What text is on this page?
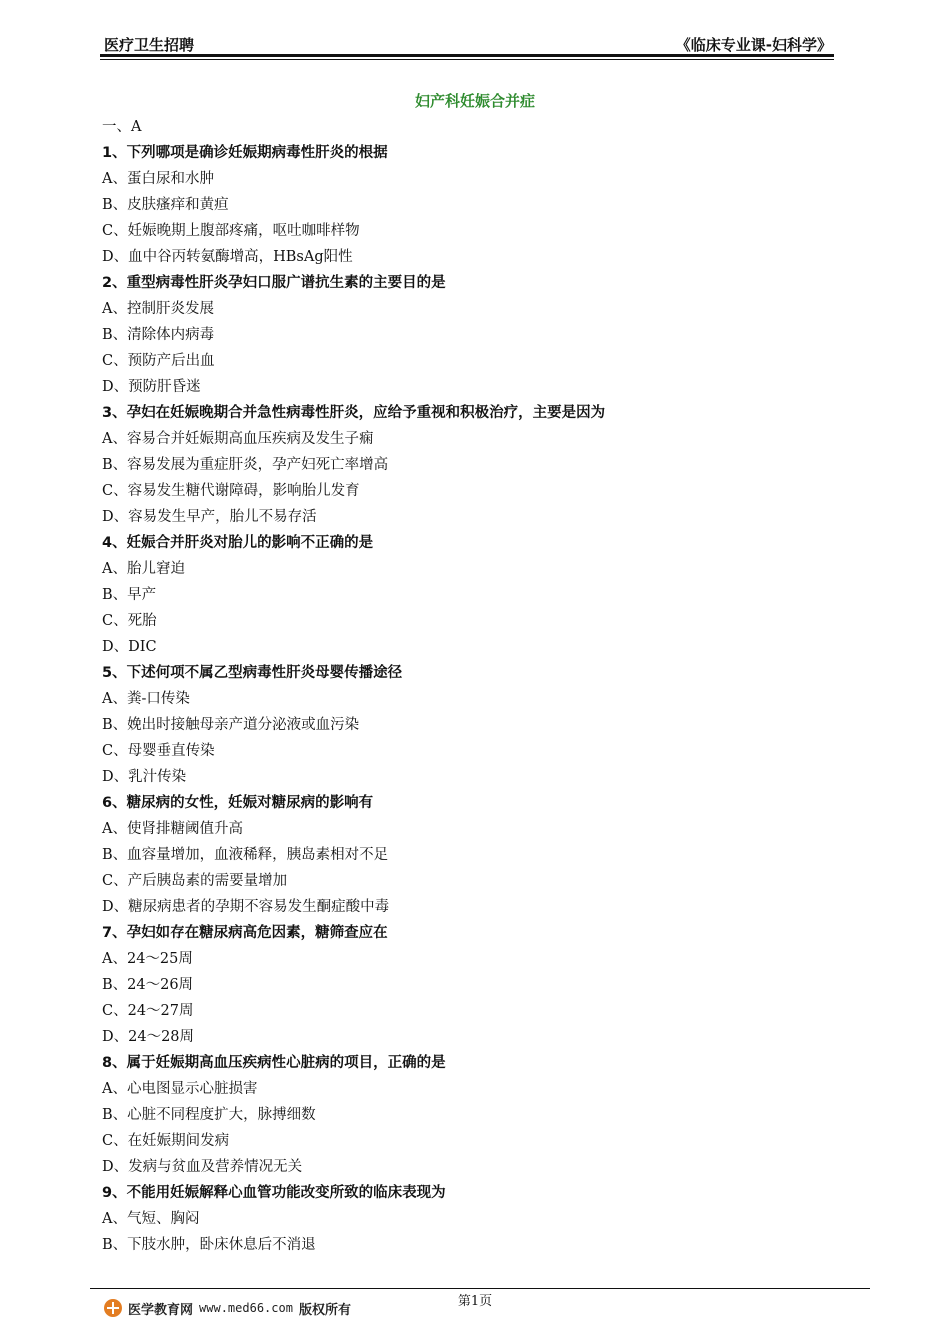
医疗卫生招聘	《临床专业课-妇科学》
妇产科妊娠合并症
一、A
1、下列哪项是确诊妊娠期病毒性肝炎的根据
A、蛋白尿和水肿
B、皮肤瘙痒和黄疸
C、妊娠晚期上腹部疼痛，呕吐咖啡样物
D、血中谷丙转氨酶增高，HBsAg阳性
2、重型病毒性肝炎孕妇口服广谱抗生素的主要目的是
A、控制肝炎发展
B、清除体内病毒
C、预防产后出血
D、预防肝昏迷
3、孕妇在妊娠晚期合并急性病毒性肝炎，应给予重视和积极治疗，主要是因为
A、容易合并妊娠期高血压疾病及发生子痫
B、容易发展为重症肝炎，孕产妇死亡率增高
C、容易发生糖代谢障碍，影响胎儿发育
D、容易发生早产，胎儿不易存活
4、妊娠合并肝炎对胎儿的影响不正确的是
A、胎儿窘迫
B、早产
C、死胎
D、DIC
5、下述何项不属乙型病毒性肝炎母婴传播途径
A、粪-口传染
B、娩出时接触母亲产道分泌液或血污染
C、母婴垂直传染
D、乳汁传染
6、糖尿病的女性，妊娠对糖尿病的影响有
A、使肾排糖阈值升高
B、血容量增加，血液稀释，胰岛素相对不足
C、产后胰岛素的需要量增加
D、糖尿病患者的孕期不容易发生酮症酸中毒
7、孕妇如存在糖尿病高危因素，糖筛查应在
A、24～25周
B、24～26周
C、24～27周
D、24～28周
8、属于妊娠期高血压疾病性心脏病的项目，正确的是
A、心电图显示心脏损害
B、心脏不同程度扩大，脉搏细数
C、在妊娠期间发病
D、发病与贫血及营养情况无关
9、不能用妊娠解释心血管功能改变所致的临床表现为
A、气短、胸闷
B、下肢水肿，卧床休息后不消退
第1页
医学教育网 www.med66.com 版权所有
